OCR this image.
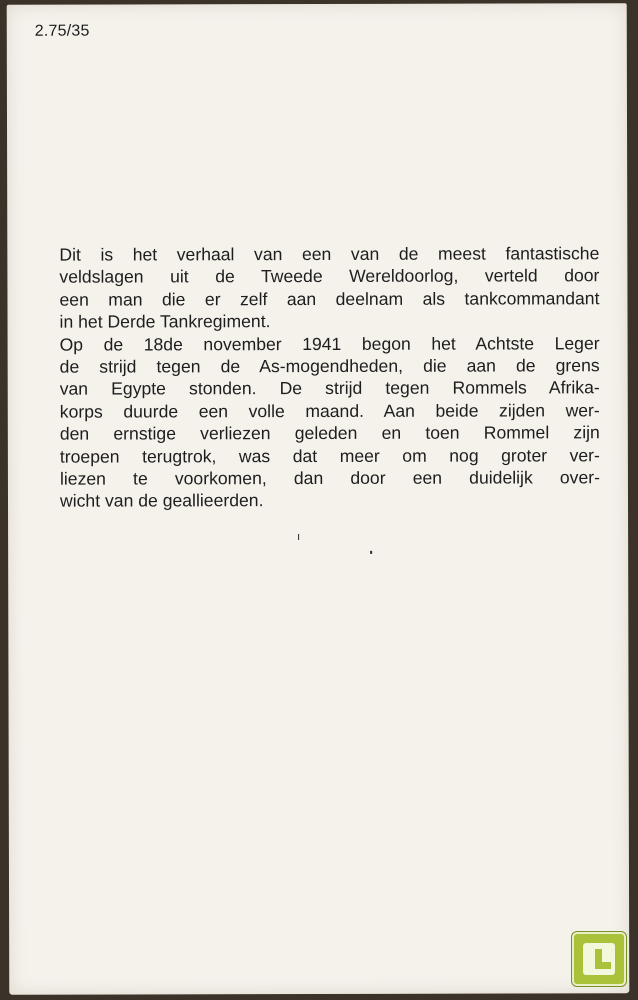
2.75/35
Dit is het verhaal van een van de meest fantastische
veldslagen uit de Tweede Wereldoorlog, verteld door
een man die er zelf aan deelnam als tankcommandant
in het Derde Tankregiment.
Op de 18de november 1941 begon het Achtste Leger
de strijd tegen de As-mogendheden, die aan de grens
van Egypte stonden. De strijd tegen Rommels Afrika-
korps duurde een volle maand. Aan beide zijden wer-
den ernstige verliezen geleden en toen Rommel zijn
troepen terugtrok, was dat meer om nog groter ver-
liezen te voorkomen, dan door een duidelijk over-
wicht van de geallieerden.
